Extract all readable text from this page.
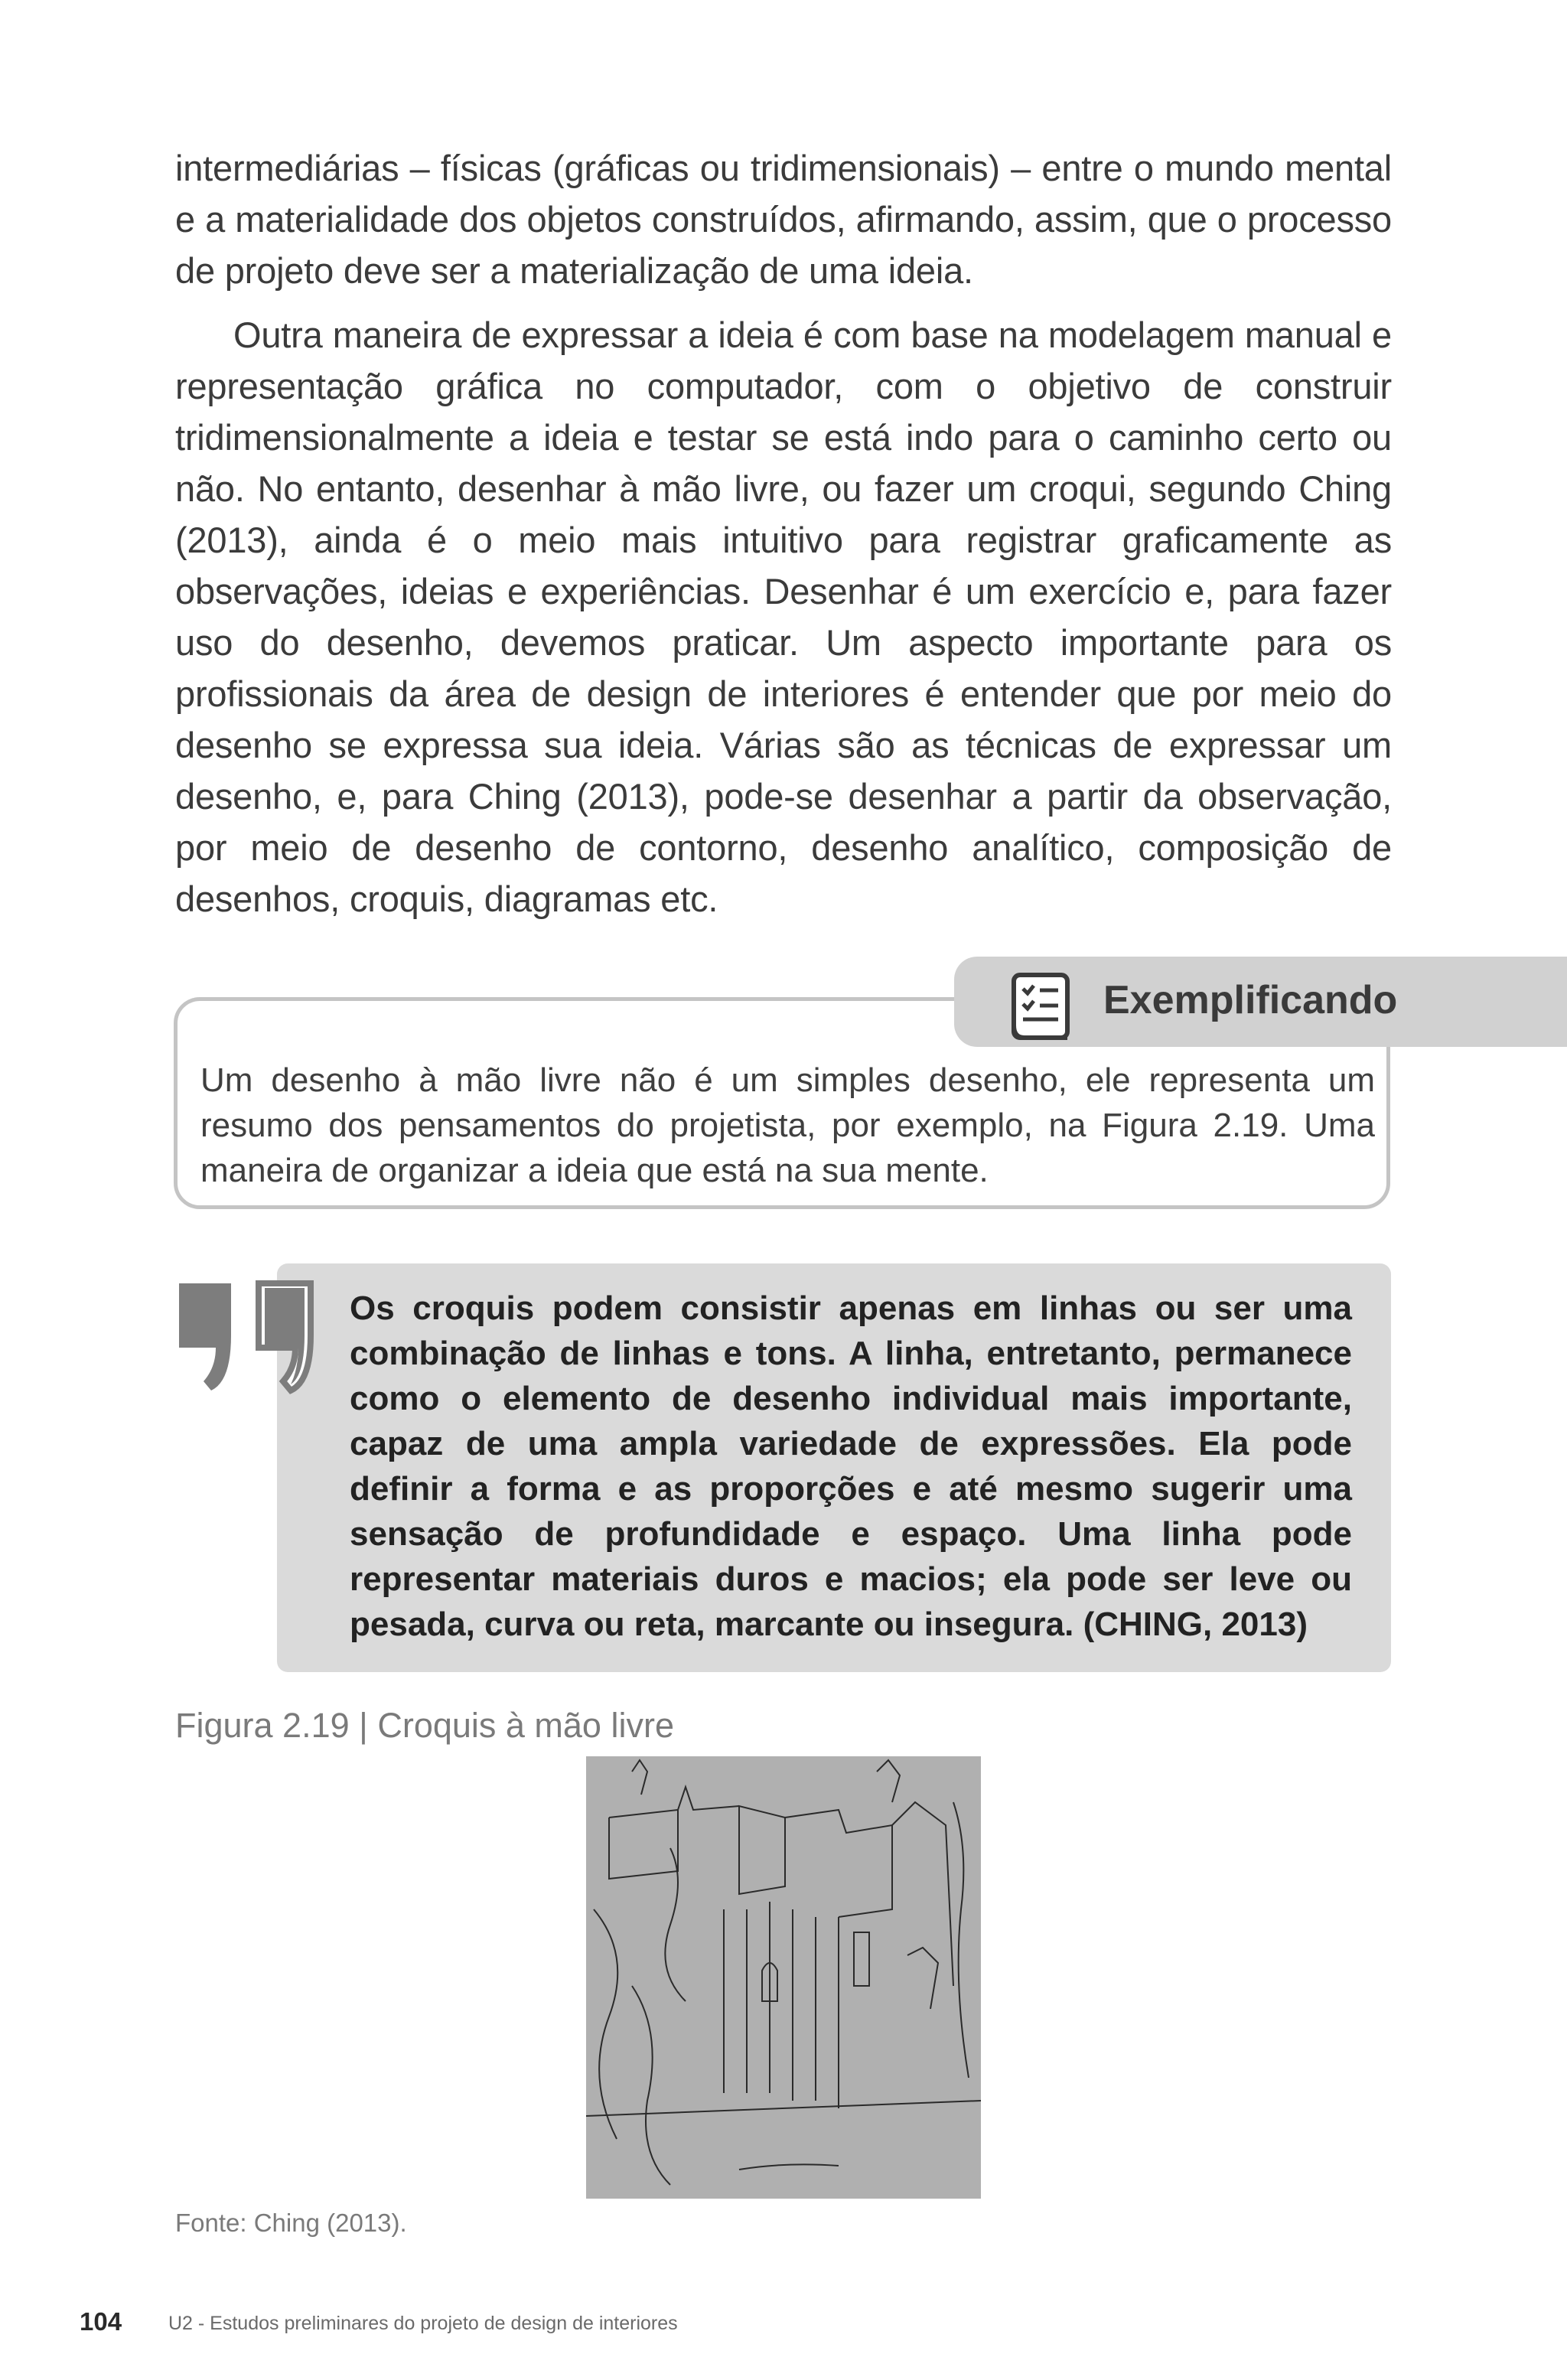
intermediárias – físicas (gráficas ou tridimensionais) – entre o mundo mental e a materialidade dos objetos construídos, afirmando, assim, que o processo de projeto deve ser a materialização de uma ideia.

Outra maneira de expressar a ideia é com base na modelagem manual e representação gráfica no computador, com o objetivo de construir tridimensionalmente a ideia e testar se está indo para o caminho certo ou não. No entanto, desenhar à mão livre, ou fazer um croqui, segundo Ching (2013), ainda é o meio mais intuitivo para registrar graficamente as observações, ideias e experiências. Desenhar é um exercício e, para fazer uso do desenho, devemos praticar. Um aspecto importante para os profissionais da área de design de interiores é entender que por meio do desenho se expressa sua ideia. Várias são as técnicas de expressar um desenho, e, para Ching (2013), pode-se desenhar a partir da observação, por meio de desenho de contorno, desenho analítico, composição de desenhos, croquis, diagramas etc.

Exemplificando

Um desenho à mão livre não é um simples desenho, ele representa um resumo dos pensamentos do projetista, por exemplo, na Figura 2.19. Uma maneira de organizar a ideia que está na sua mente.

Os croquis podem consistir apenas em linhas ou ser uma combinação de linhas e tons. A linha, entretanto, permanece como o elemento de desenho individual mais importante, capaz de uma ampla variedade de expressões. Ela pode definir a forma e as proporções e até mesmo sugerir uma sensação de profundidade e espaço. Uma linha pode representar materiais duros e macios; ela pode ser leve ou pesada, curva ou reta, marcante ou insegura. (CHING, 2013)

Figura 2.19 | Croquis à mão livre
Fonte: Ching (2013).
104 U2 - Estudos preliminares do projeto de design de interiores
